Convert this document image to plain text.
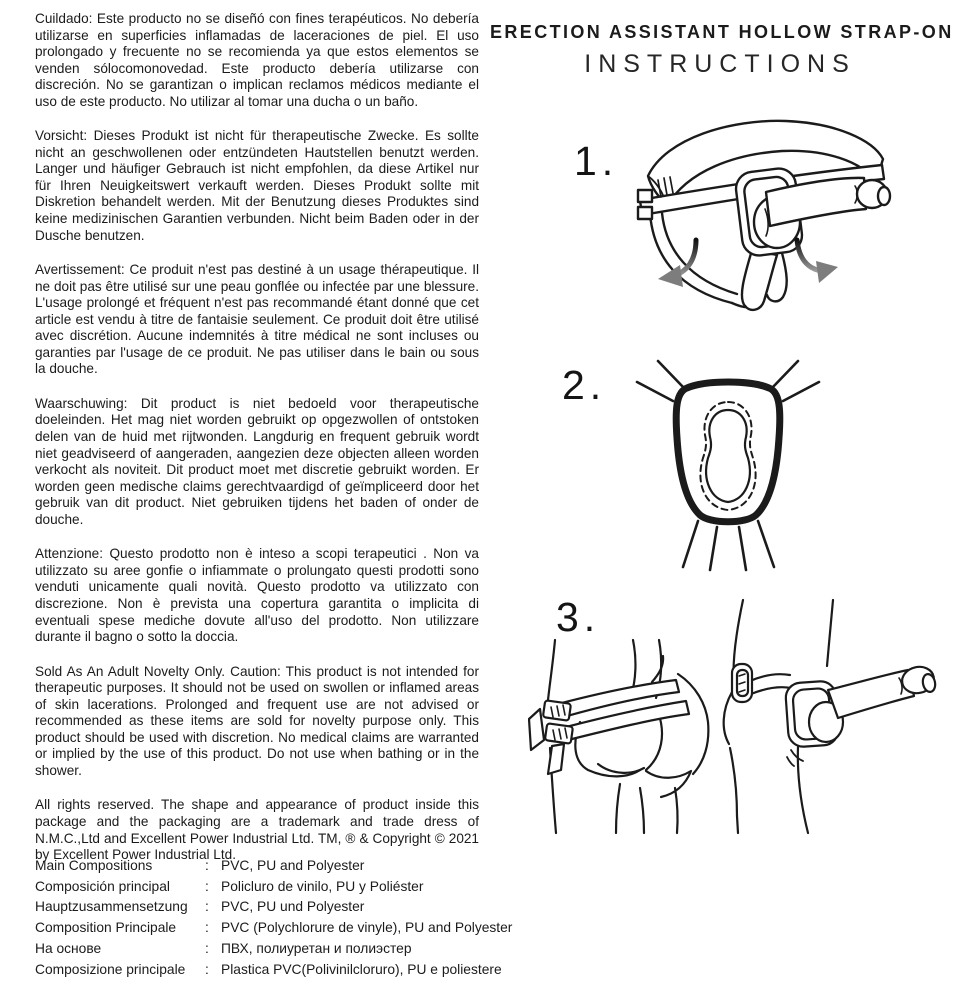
Cuildado: Este producto no se diseñó con fines terapéuticos. No debería utilizarse en superficies inflamadas de laceraciones de piel. El uso prolongado y frecuente no se recomienda ya que estos elementos se venden sólocomonovedad. Este producto debería utilizarse con discreción. No se garantizan o implican reclamos médicos mediante el uso de este producto. No utilizar al tomar una ducha o un baño.

Vorsicht: Dieses Produkt ist nicht für therapeutische Zwecke. Es sollte nicht an geschwollenen oder entzündeten Hautstellen benutzt werden. Langer und häufiger Gebrauch ist nicht empfohlen, da diese Artikel nur für Ihren Neuigkeitswert verkauft werden. Dieses Produkt sollte mit Diskretion behandelt werden. Mit der Benutzung dieses Produktes sind keine medizinischen Garantien verbunden. Nicht beim Baden oder in der Dusche benutzen.

Avertissement: Ce produit n'est pas destiné à un usage thérapeutique. Il ne doit pas être utilisé sur une peau gonflée ou infectée par une blessure. L'usage prolongé et fréquent n'est pas recommandé étant donné que cet article est vendu à titre de fantaisie seulement. Ce produit doit être utilisé avec discrétion. Aucune indemnités à titre médical ne sont incluses ou garanties par l'usage de ce produit. Ne pas utiliser dans le bain ou sous la douche.

Waarschuwing: Dit product is niet bedoeld voor therapeutische doeleinden. Het mag niet worden gebruikt op opgezwollen of ontstoken delen van de huid met rijtwonden. Langdurig en frequent gebruik wordt niet geadviseerd of aangeraden, aangezien deze objecten alleen worden verkocht als noviteit. Dit product moet met discretie gebruikt worden. Er worden geen medische claims gerechtvaardigd of geïmpliceerd door het gebruik van dit product. Niet gebruiken tijdens het baden of onder de douche.

Attenzione: Questo prodotto non è inteso a scopi terapeutici . Non va utilizzato su aree gonfie o infiammate o prolungato questi prodotti sono venduti unicamente quali novità. Questo prodotto va utilizzato con discrezione. Non è prevista una copertura garantita o implicita di eventuali spese mediche dovute all'uso del prodotto. Non utilizzare durante il bagno o sotto la doccia.

Sold As An Adult Novelty Only. Caution: This product is not intended for therapeutic purposes. It should not be used on swollen or inflamed areas of skin lacerations. Prolonged and frequent use are not advised or recommended as these items are sold for novelty purpose only. This product should be used with discretion. No medical claims are warranted or implied by the use of this product. Do not use when bathing or in the shower.

All rights reserved. The shape and appearance of product inside this package and the packaging are a trademark and trade dress of N.M.C.,Ltd and Excellent Power Industrial Ltd. TM, ® & Copyright © 2021 by Excellent Power Industrial Ltd.

ERECTION ASSISTANT HOLLOW STRAP-ON
INSTRUCTIONS
1.
2.
3.
Main Compositions	: PVC, PU and Polyester
Composición principal	: Policluro de vinilo, PU y Poliéster
Hauptzusammensetzung	: PVC, PU und Polyester
Composition Principale	: PVC (Polychlorure de vinyle), PU and Polyester
На основе	: ПВХ, полиуретан и полиэстер
Composizione principale	: Plastica PVC(Polivinilcloruro), PU e poliestere
